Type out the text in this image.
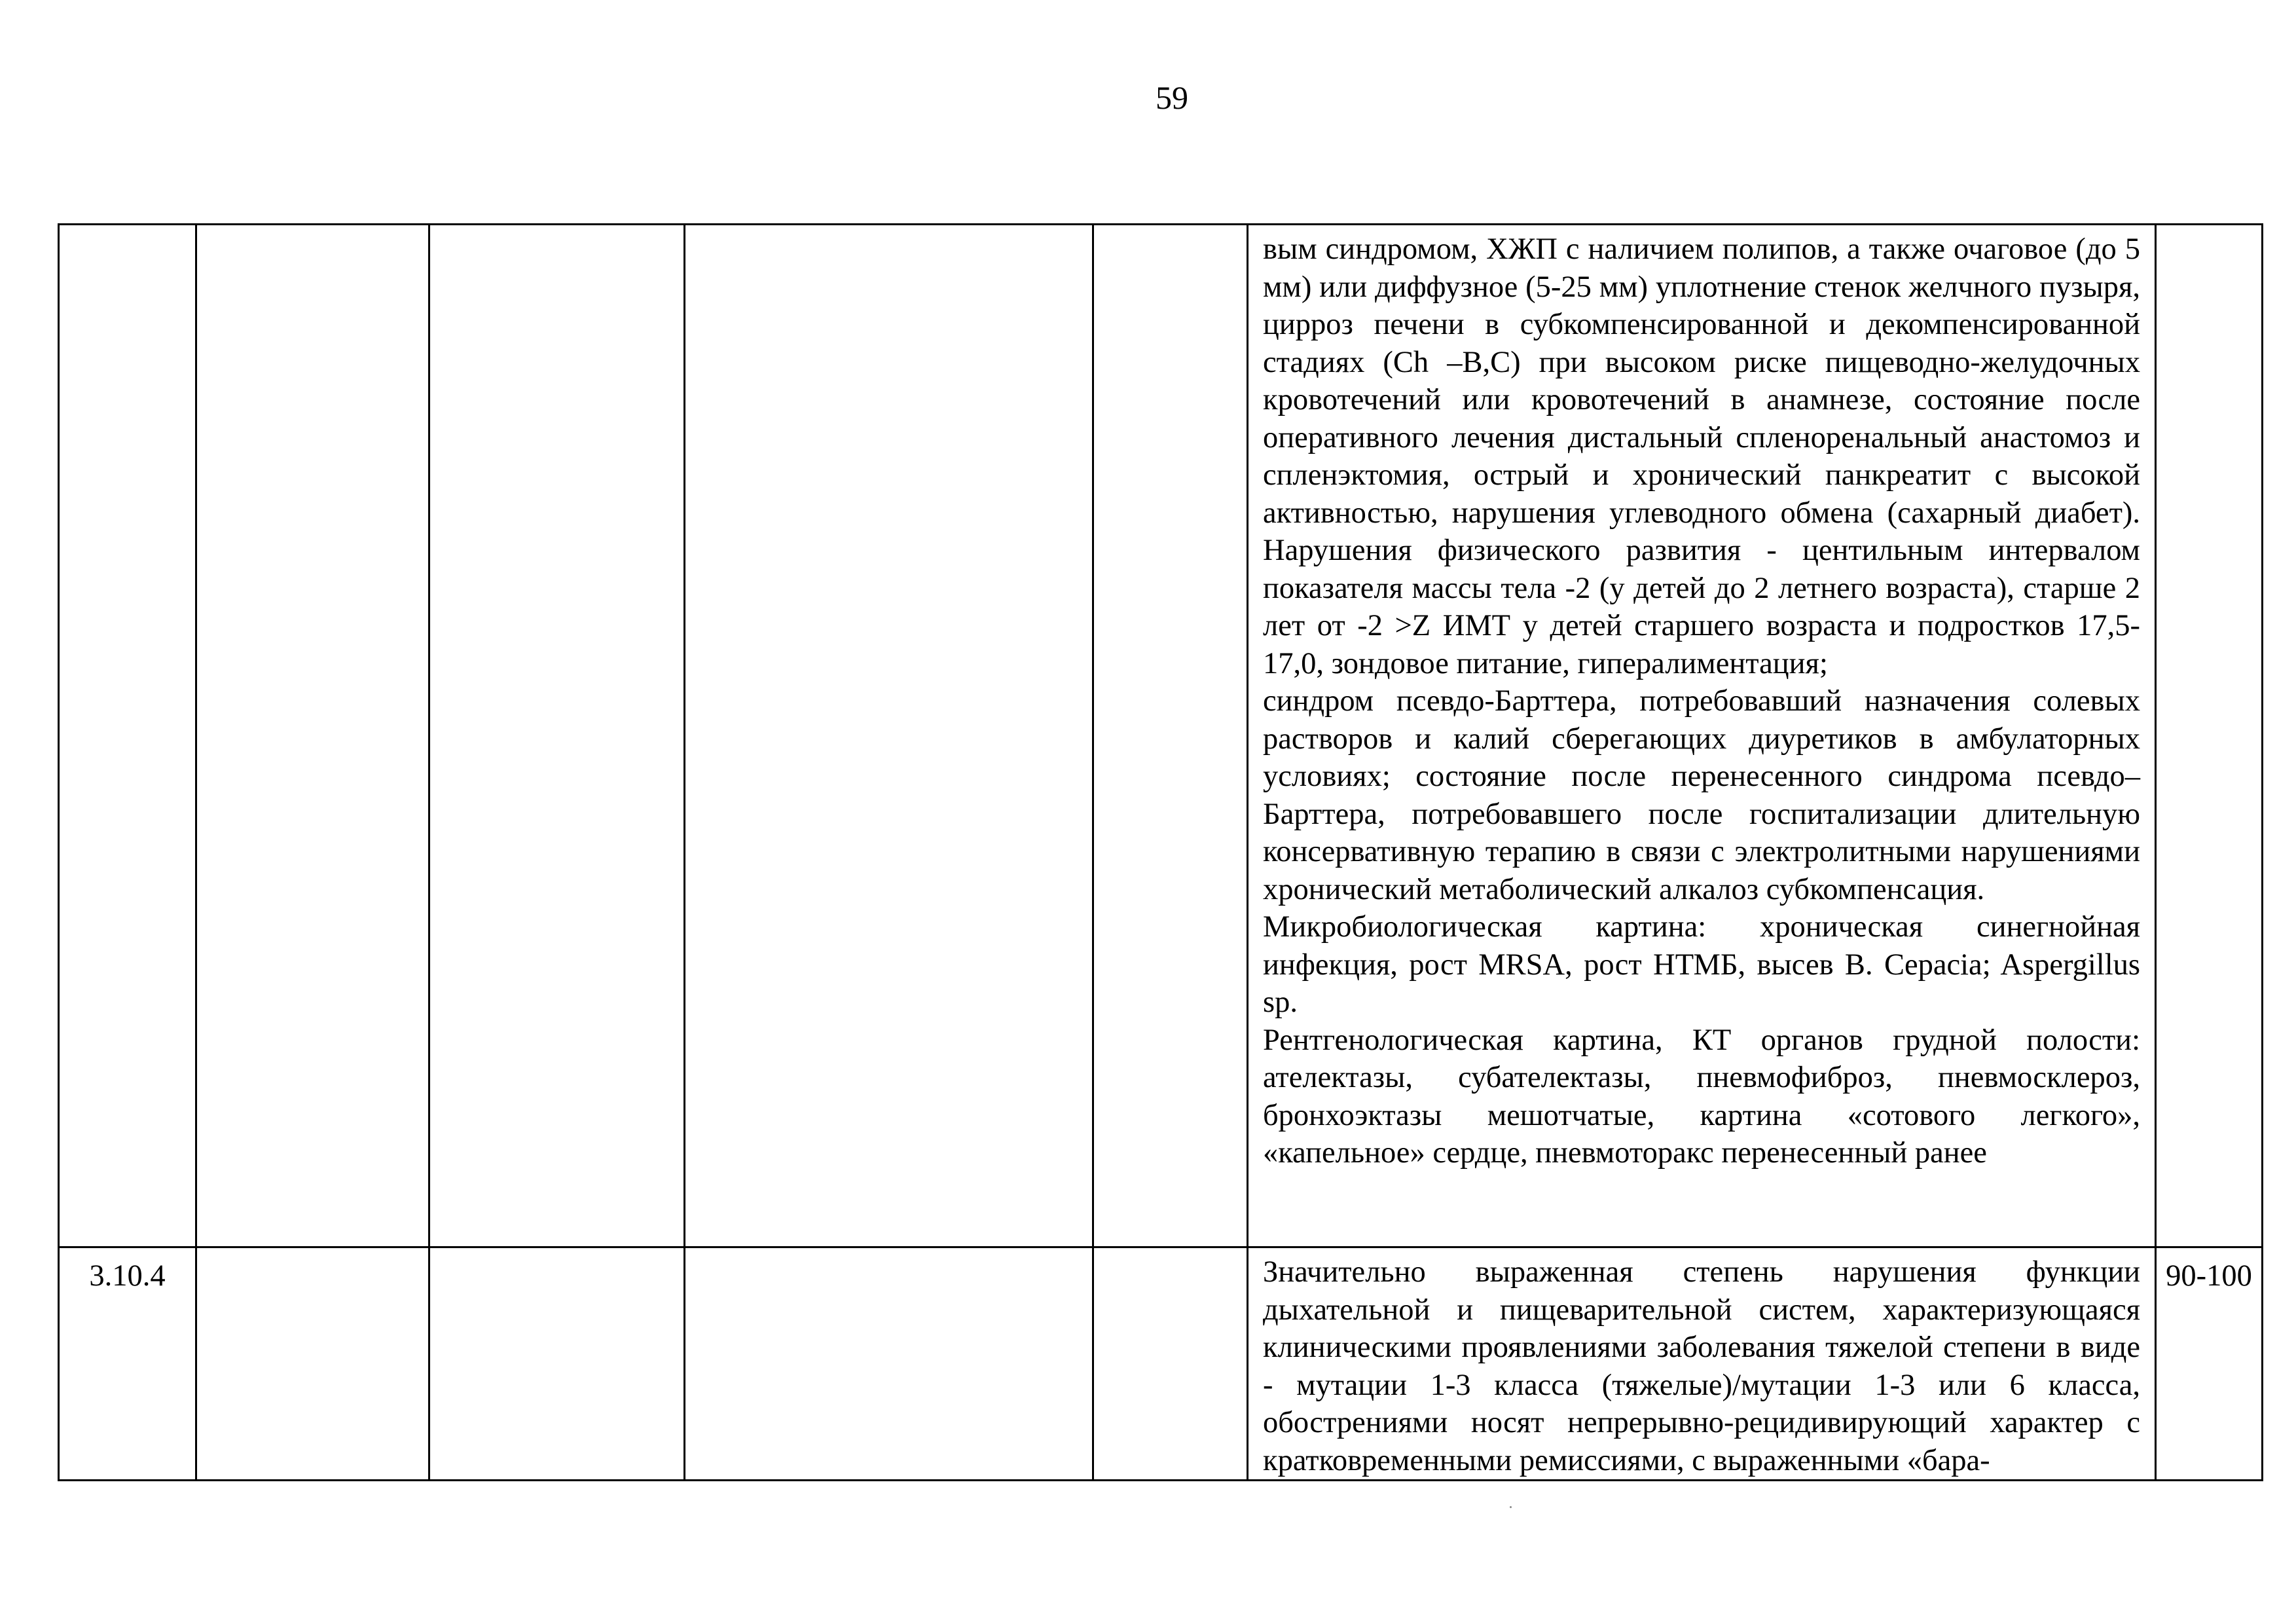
59

					вым синдромом, ХЖП с наличием полипов, а также очаговое (до 5 мм) или диффузное (5-25 мм) уплотнение стенок желчного пузыря, цирроз печени в субкомпенсированной и декомпенсированной стадиях (Ch –B,C) при высоком риске пищеводно-желудочных кровотечений или кровотечений в анамнезе, состояние после оперативного лечения дистальный спленоренальный анастомоз и спленэктомия, острый и хронический панкреатит с высокой активностью, нарушения углеводного обмена (сахарный диабет). Нарушения физического развития - центильным интервалом показателя массы тела -2 (у детей до 2 летнего возраста), старше 2 лет от -2 >Z ИМТ у детей старшего возраста и подростков 17,5-17,0, зондовое питание, гипералиментация;

синдром псевдо-Барттера, потребовавший назначения солевых растворов и калий сберегающих диуретиков в амбулаторных условиях; состояние после перенесенного синдрома псевдо–Барттера, потребовавшего после госпитализации длительную консервативную терапию в связи с электролитными нарушениями хронический метаболический алкалоз субкомпенсация.

Микробиологическая картина: хроническая синегнойная инфекция, рост MRSA, рост НТМБ, высев B. Cepacia; Aspergillus sp.

Рентгенологическая картина, КТ органов грудной полости: ателектазы, субателектазы, пневмофиброз, пневмосклероз, бронхоэктазы мешотчатые, картина «сотового легкого», «капельное» сердце, пневмоторакс перенесенный ранее	

3.10.4					Значительно выраженная степень нарушения функции дыхательной и пищеварительной систем, характеризующаяся клиническими проявлениями заболевания тяжелой степени в виде - мутации 1-3 класса (тяжелые)/мутации 1-3 или 6 класса, обострениями носят непрерывно-рецидивирующий характер с кратковременными ремиссиями, с выраженными «бара-	90-100
